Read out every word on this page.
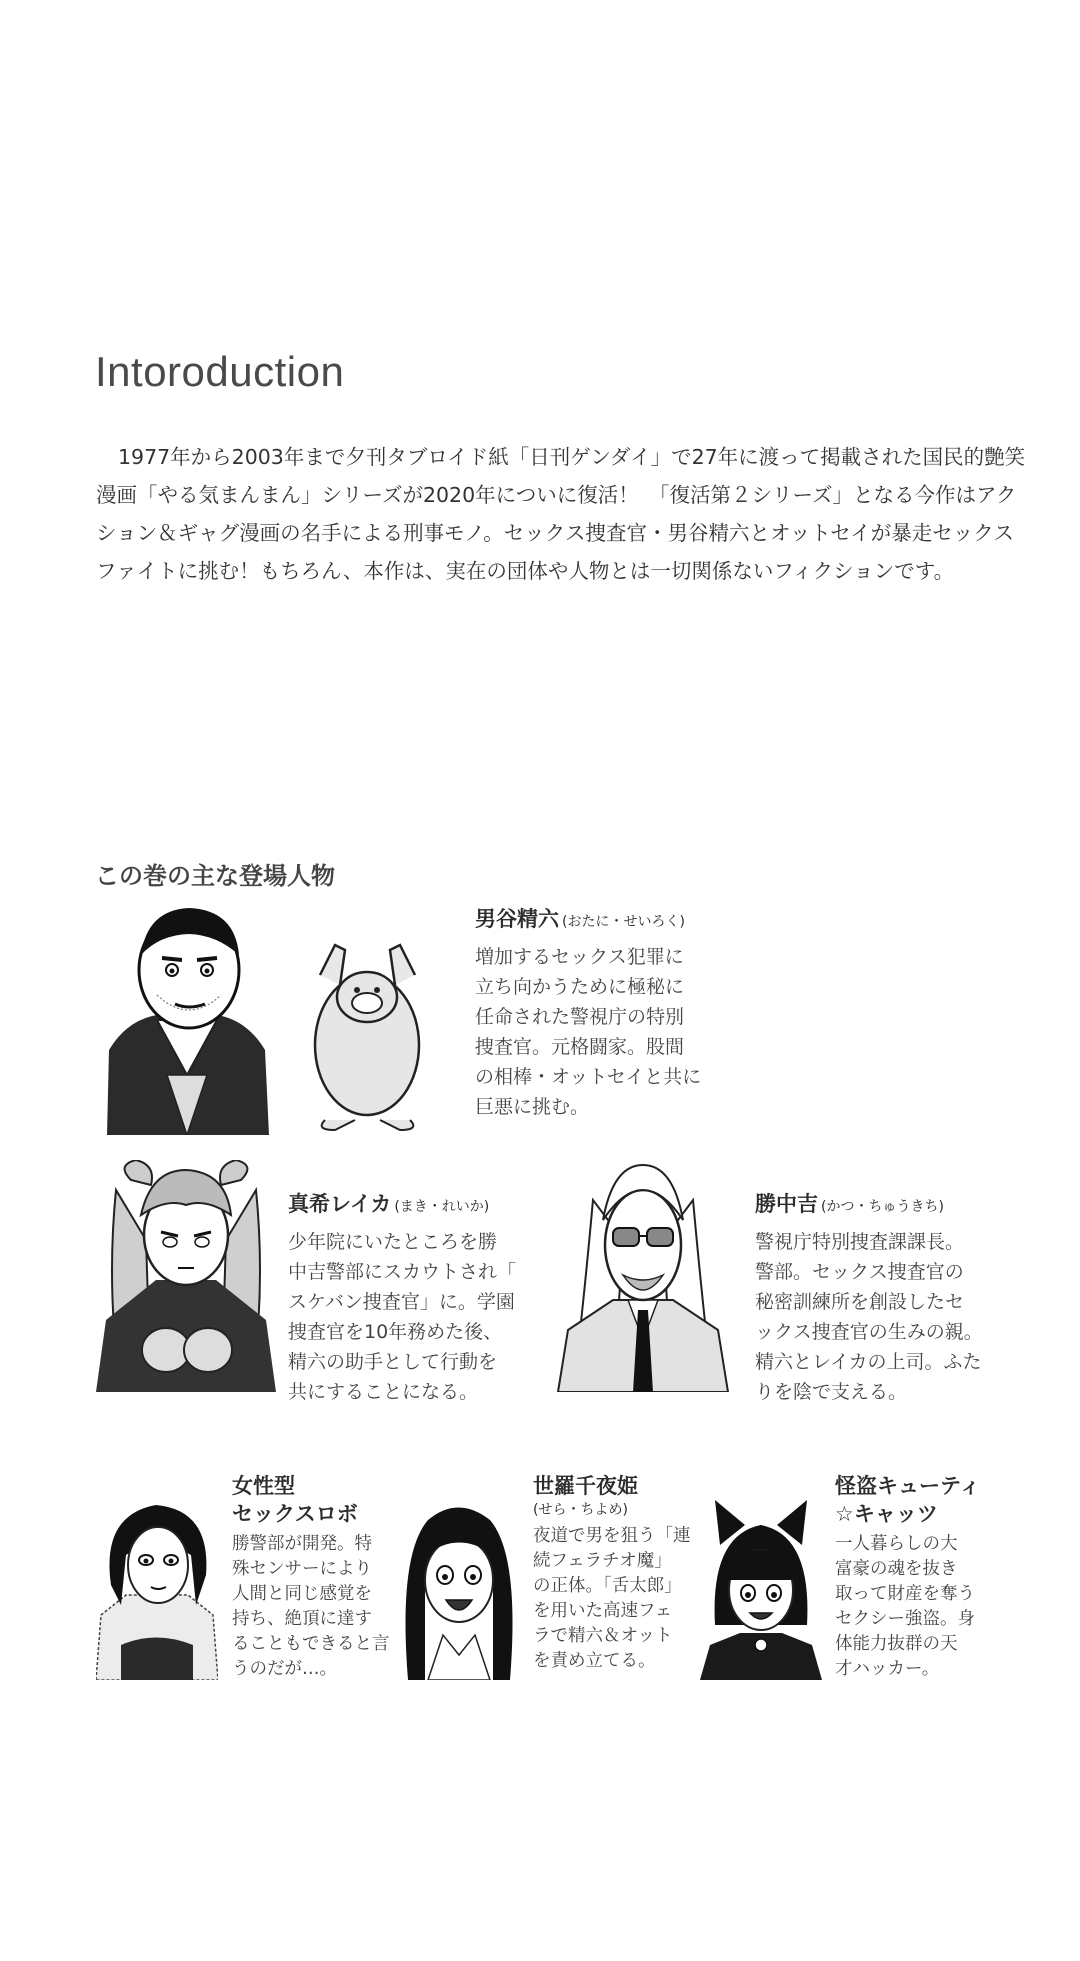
Intoroduction

1977年から2003年まで夕刊タブロイド紙「日刊ゲンダイ」で27年に渡って掲載された国民的艶笑

漫画「やる気まんまん」シリーズが2020年についに復活！　「復活第２シリーズ」となる今作はアク

ション＆ギャグ漫画の名手による刑事モノ。セックス捜査官・男谷精六とオットセイが暴走セックス

ファイトに挑む！もちろん、本作は、実在の団体や人物とは一切関係ないフィクションです。

この巻の主な登場人物
男谷精六 (おたに・せいろく)
増加するセックス犯罪に
立ち向かうために極秘に
任命された警視庁の特別
捜査官。元格闘家。股間
の相棒・オットセイと共に
巨悪に挑む。
真希レイカ (まき・れいか)
少年院にいたところを勝
中吉警部にスカウトされ「
スケバン捜査官」に。学園
捜査官を10年務めた後、
精六の助手として行動を
共にすることになる。
勝中吉 (かつ・ちゅうきち)
警視庁特別捜査課課長。
警部。セックス捜査官の
秘密訓練所を創設したセ
ックス捜査官の生みの親。
精六とレイカの上司。ふた
りを陰で支える。
女性型
セックスロボ
勝警部が開発。特
殊センサーにより
人間と同じ感覚を
持ち、絶頂に達す
ることもできると言
うのだが…。
世羅千夜姫
(せら・ちよめ)
夜道で男を狙う「連
続フェラチオ魔」
の正体。「舌太郎」
を用いた高速フェ
ラで精六＆オット
を責め立てる。
怪盗キューティ
☆キャッツ
一人暮らしの大
富豪の魂を抜き
取って財産を奪う
セクシー強盗。身
体能力抜群の天
才ハッカー。
